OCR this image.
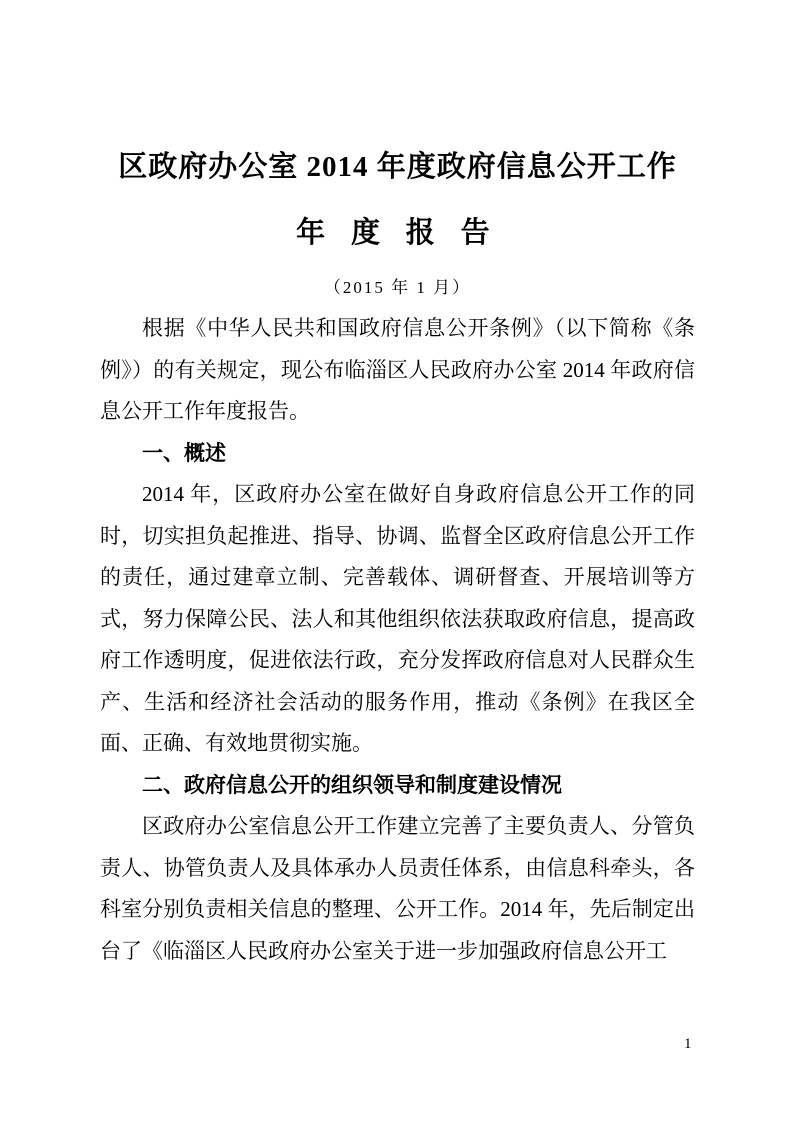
区政府办公室 2014 年度政府信息公开工作
年 度 报 告
（2015 年 1 月）
根据《中华人民共和国政府信息公开条例》（以下简称《条例》）的有关规定，现公布临淄区人民政府办公室 2014 年政府信息公开工作年度报告。
一、概述
2014 年，区政府办公室在做好自身政府信息公开工作的同时，切实担负起推进、指导、协调、监督全区政府信息公开工作的责任，通过建章立制、完善载体、调研督查、开展培训等方式，努力保障公民、法人和其他组织依法获取政府信息，提高政府工作透明度，促进依法行政，充分发挥政府信息对人民群众生产、生活和经济社会活动的服务作用，推动《条例》在我区全面、正确、有效地贯彻实施。
二、政府信息公开的组织领导和制度建设情况
区政府办公室信息公开工作建立完善了主要负责人、分管负责人、协管负责人及具体承办人员责任体系，由信息科牵头，各科室分别负责相关信息的整理、公开工作。2014 年，先后制定出台了《临淄区人民政府办公室关于进一步加强政府信息公开工
1
